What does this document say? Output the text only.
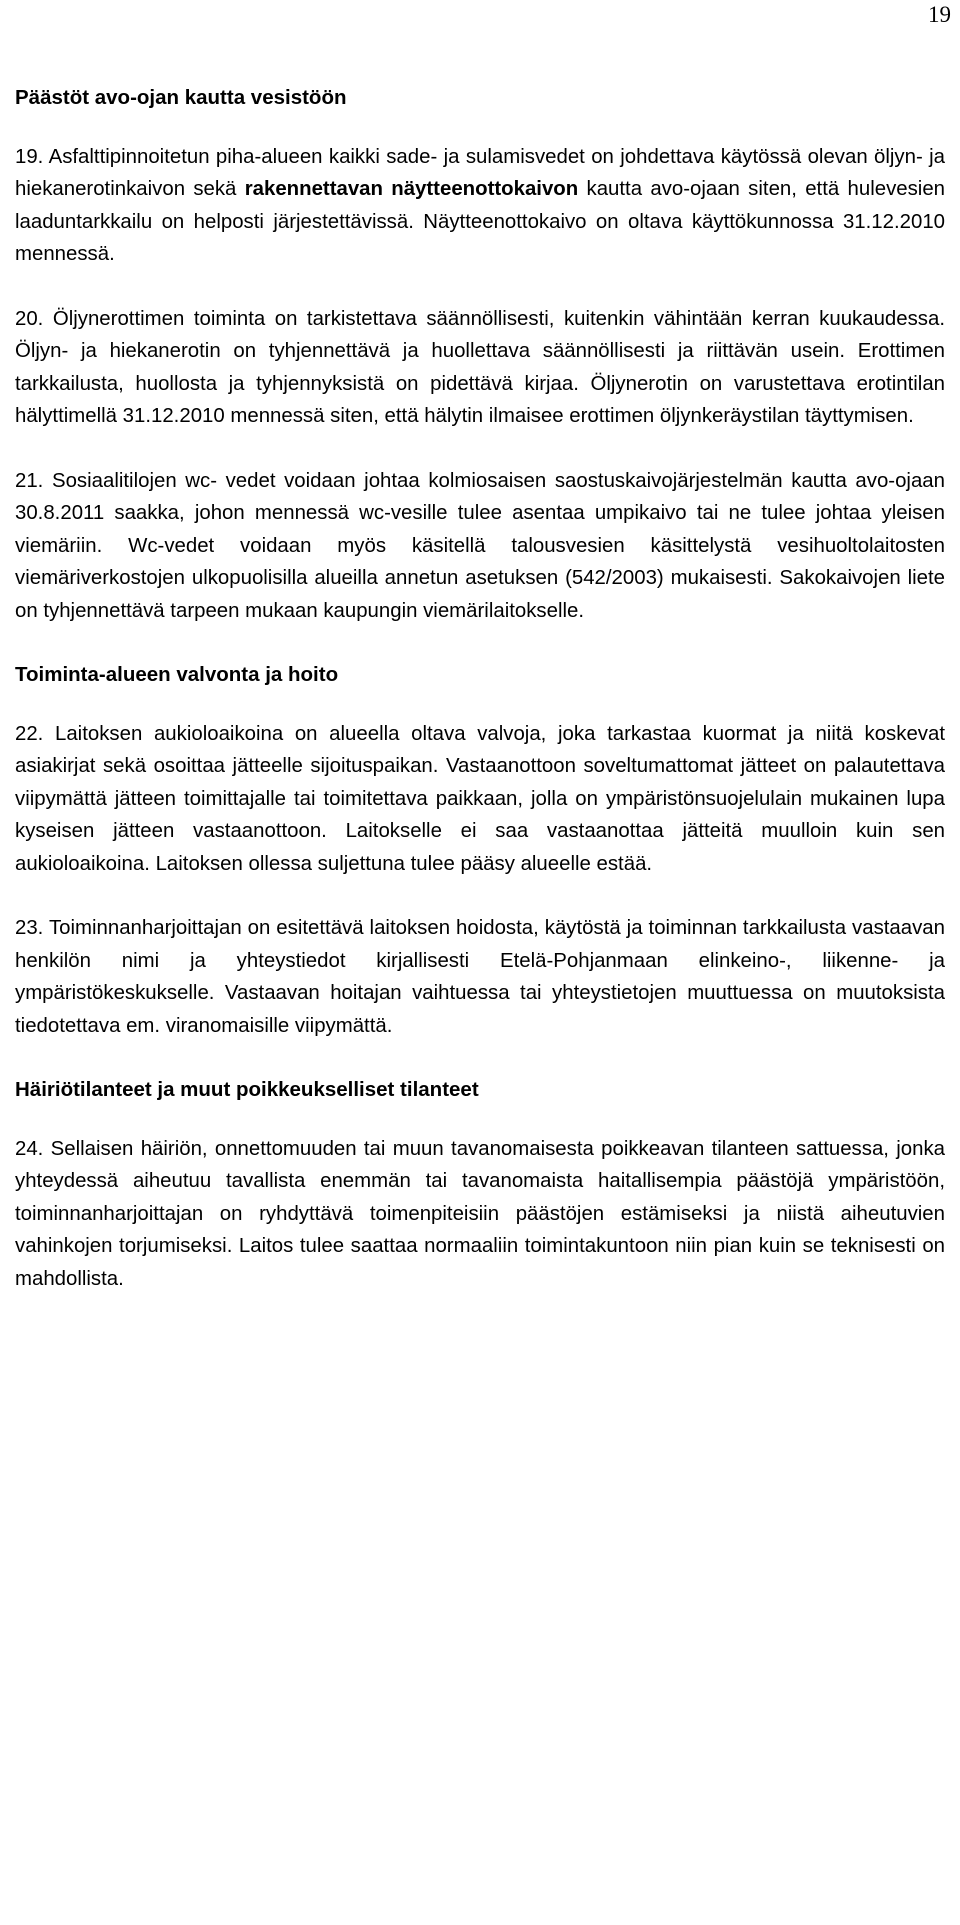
19
Päästöt avo-ojan kautta vesistöön

19. Asfalttipinnoitetun piha-alueen kaikki sade- ja sulamisvedet on johdettava käytössä olevan öljyn- ja hiekanerotinkaivon sekä rakennettavan näytteenottokaivon kautta avo-ojaan siten, että hulevesien laaduntarkkailu on helposti järjestettävissä. Näytteenottokaivo on oltava käyttökunnossa 31.12.2010 mennessä.

20. Öljynerottimen toiminta on tarkistettava säännöllisesti, kuitenkin vähintään kerran kuukaudessa. Öljyn- ja hiekanerotin on tyhjennettävä ja huollettava säännöllisesti ja riittävän usein. Erottimen tarkkailusta, huollosta ja tyhjennyksistä on pidettävä kirjaa. Öljynerotin on varustettava erotintilan hälyttimellä 31.12.2010 mennessä siten, että hälytin ilmaisee erottimen öljynkeräystilan täyttymisen.

21. Sosiaalitilojen wc- vedet voidaan johtaa kolmiosaisen saostuskaivojärjestelmän kautta avo-ojaan 30.8.2011 saakka, johon mennessä wc-vesille tulee asentaa umpikaivo tai ne tulee johtaa yleisen viemäriin. Wc-vedet voidaan myös käsitellä talousvesien käsittelystä vesihuoltolaitosten viemäriverkostojen ulkopuolisilla alueilla annetun asetuksen (542/2003) mukaisesti. Sakokaivojen liete on tyhjennettävä tarpeen mukaan kaupungin viemärilaitokselle.

Toiminta-alueen valvonta ja hoito

22. Laitoksen aukioloaikoina on alueella oltava valvoja, joka tarkastaa kuormat ja niitä koskevat asiakirjat sekä osoittaa jätteelle sijoituspaikan. Vastaanottoon soveltumattomat jätteet on palautettava viipymättä jätteen toimittajalle tai toimitettava paikkaan, jolla on ympäristönsuojelulain mukainen lupa kyseisen jätteen vastaanottoon. Laitokselle ei saa vastaanottaa jätteitä muulloin kuin sen aukioloaikoina. Laitoksen ollessa suljettuna tulee pääsy alueelle estää.

23. Toiminnanharjoittajan on esitettävä laitoksen hoidosta, käytöstä ja toiminnan tarkkailusta vastaavan henkilön nimi ja yhteystiedot kirjallisesti Etelä-Pohjanmaan elinkeino-, liikenne- ja ympäristökeskukselle. Vastaavan hoitajan vaihtuessa tai yhteystietojen muuttuessa on muutoksista tiedotettava em. viranomaisille viipymättä.

Häiriötilanteet ja muut poikkeukselliset tilanteet

24. Sellaisen häiriön, onnettomuuden tai muun tavanomaisesta poikkeavan tilanteen sattuessa, jonka yhteydessä aiheutuu tavallista enemmän tai tavanomaista haitallisempia päästöjä ympäristöön, toiminnanharjoittajan on ryhdyttävä toimenpiteisiin päästöjen estämiseksi ja niistä aiheutuvien vahinkojen torjumiseksi. Laitos tulee saattaa normaaliin toimintakuntoon niin pian kuin se teknisesti on mahdollista.
